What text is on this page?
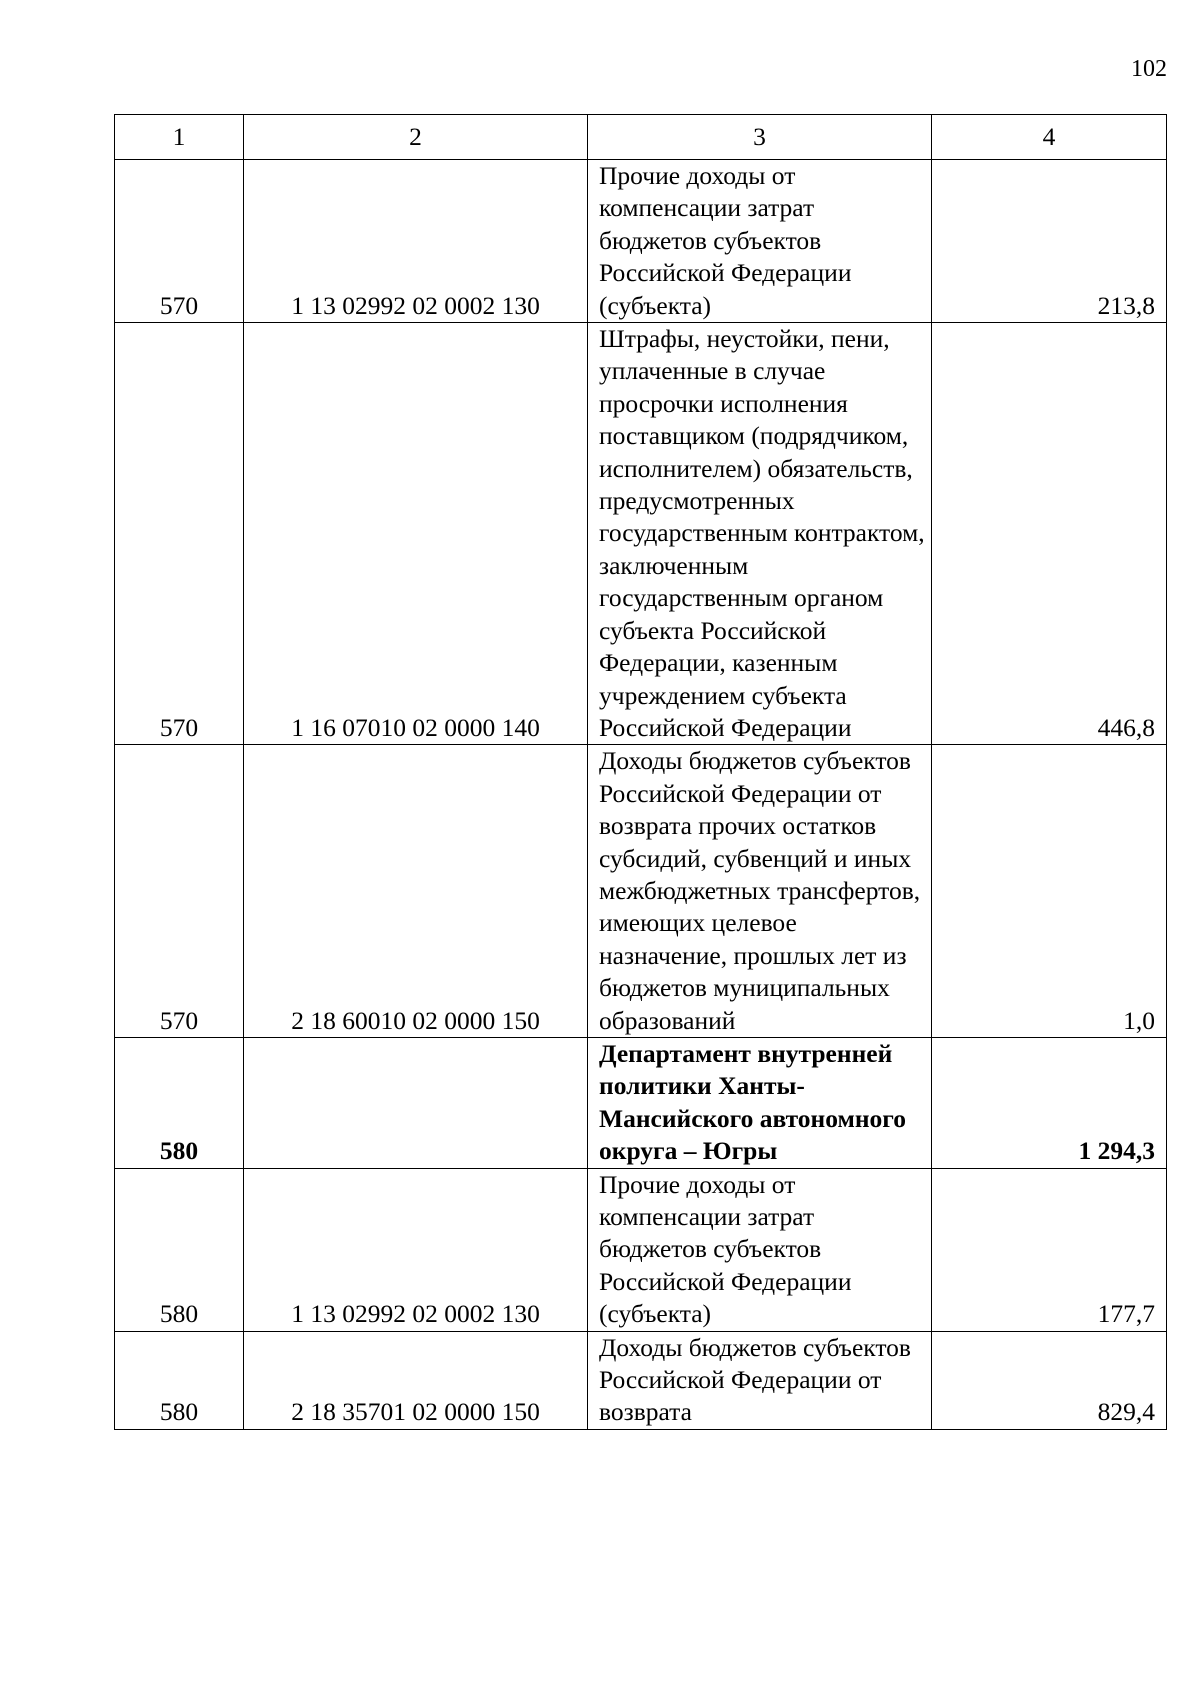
102
1	2	3	4
570	1 13 02992 02 0002 130	Прочие доходы от компенсации затрат бюджетов субъектов Российской Федерации (субъекта)	213,8
570	1 16 07010 02 0000 140	Штрафы, неустойки, пени, уплаченные в случае просрочки исполнения поставщиком (подрядчиком, исполнителем) обязательств, предусмотренных государственным контрактом, заключенным государственным органом субъекта Российской Федерации, казенным учреждением субъекта Российской Федерации	446,8
570	2 18 60010 02 0000 150	Доходы бюджетов субъектов Российской Федерации от возврата прочих остатков субсидий, субвенций и иных межбюджетных трансфертов, имеющих целевое назначение, прошлых лет из бюджетов муниципальных образований	1,0
580		Департамент внутренней политики Ханты-Мансийского автономного округа – Югры	1 294,3
580	1 13 02992 02 0002 130	Прочие доходы от компенсации затрат бюджетов субъектов Российской Федерации (субъекта)	177,7
580	2 18 35701 02 0000 150	Доходы бюджетов субъектов Российской Федерации от возврата	829,4
